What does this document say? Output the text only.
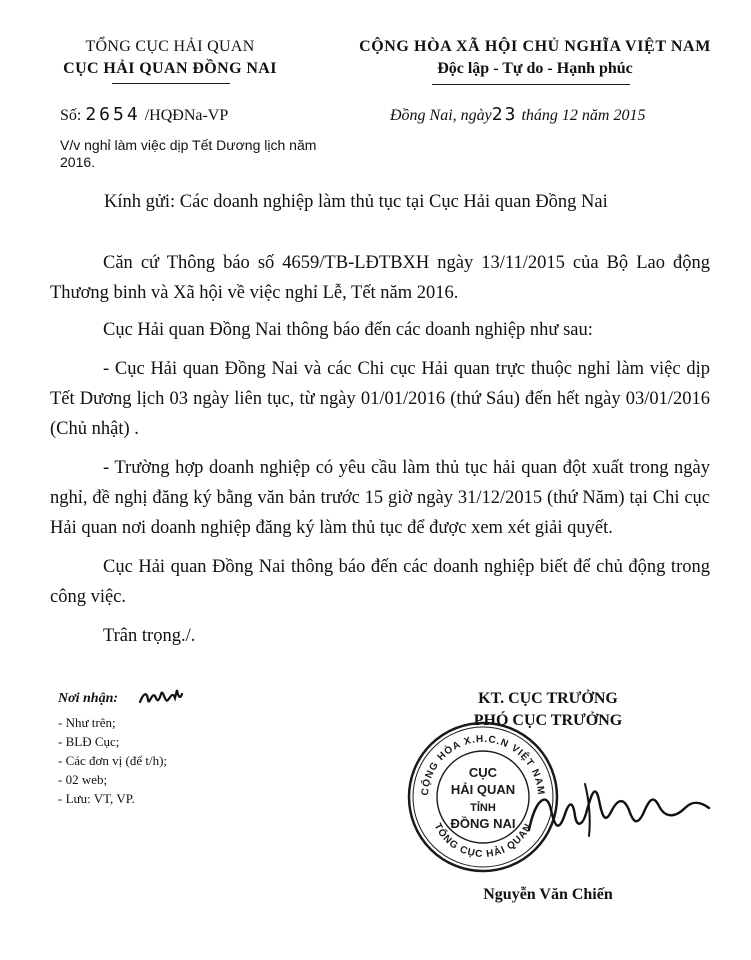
TỔNG CỤC HẢI QUAN
CỤC HẢI QUAN ĐỒNG NAI
CỘNG HÒA XÃ HỘI CHỦ NGHĨA VIỆT NAM
Độc lập - Tự do - Hạnh phúc
Số: 2654 /HQĐNa-VP
V/v nghỉ làm việc dịp Tết Dương lịch năm 2016.
Đồng Nai, ngày23 tháng 12 năm 2015
Kính gửi: Các doanh nghiệp làm thủ tục tại Cục Hải quan Đồng Nai

Căn cứ Thông báo số 4659/TB-LĐTBXH ngày 13/11/2015 của Bộ Lao động Thương binh và Xã hội về việc nghỉ Lễ, Tết năm 2016.

Cục Hải quan Đồng Nai thông báo đến các doanh nghiệp như sau:

- Cục Hải quan Đồng Nai và các Chi cục Hải quan trực thuộc nghỉ làm việc dịp Tết Dương lịch 03 ngày liên tục, từ ngày 01/01/2016 (thứ Sáu) đến hết ngày 03/01/2016 (Chủ nhật) .

- Trường hợp doanh nghiệp có yêu cầu làm thủ tục hải quan đột xuất trong ngày nghỉ, đề nghị đăng ký bằng văn bản trước 15 giờ ngày 31/12/2015 (thứ Năm) tại Chi cục Hải quan nơi doanh nghiệp đăng ký làm thủ tục để được xem xét giải quyết.

Cục Hải quan Đồng Nai thông báo đến các doanh nghiệp biết để chủ động trong công việc.

Trân trọng./.

Nơi nhận:
- Như trên;
- BLĐ Cục;
- Các đơn vị (để t/h);
- 02 web;
- Lưu: VT, VP.
KT. CỤC TRƯỞNG
PHÓ CỤC TRƯỞNG
CỘNG HÒA X.H.C.N VIỆT NAM
TỔNG CỤC HẢI QUAN
CỤC
HẢI QUAN
TỈNH
ĐỒNG NAI
Nguyễn Văn Chiến
